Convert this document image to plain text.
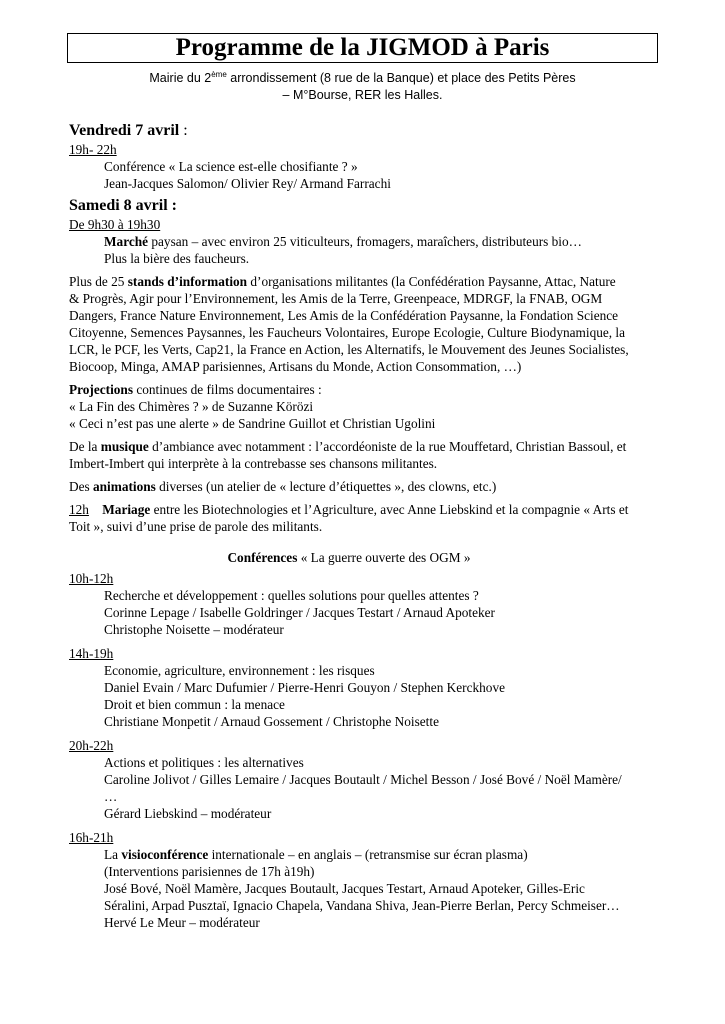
Programme de la JIGMOD à Paris
Mairie du 2ème arrondissement (8 rue de la Banque) et place des Petits Pères
– M°Bourse, RER les Halles.
Vendredi 7 avril :
19h- 22h
Conférence « La science est-elle chosifiante ? »
Jean-Jacques Salomon/ Olivier Rey/ Armand Farrachi
Samedi 8 avril :
De 9h30 à 19h30
Marché paysan – avec environ 25 viticulteurs, fromagers, maraîchers, distributeurs bio…
Plus la bière des faucheurs.
Plus de 25 stands d’information d’organisations militantes (la Confédération Paysanne, Attac, Nature & Progrès, Agir pour l’Environnement, les Amis de la Terre, Greenpeace, MDRGF, la FNAB, OGM Dangers, France Nature Environnement, Les Amis de la Confédération Paysanne, la Fondation Science Citoyenne, Semences Paysannes, les Faucheurs Volontaires, Europe Ecologie, Culture Biodynamique, la LCR, le PCF, les Verts, Cap21, la France en Action, les Alternatifs, le Mouvement des Jeunes Socialistes, Biocoop, Minga, AMAP parisiennes, Artisans du Monde, Action Consommation, …)
Projections continues de films documentaires :
« La Fin des Chimères ? » de Suzanne Körözi
« Ceci n’est pas une alerte » de Sandrine Guillot et Christian Ugolini
De la musique d’ambiance avec notamment : l’accordéoniste de la rue Mouffetard, Christian Bassoul, et Imbert-Imbert qui interprète à la contrebasse ses chansons militantes.
Des animations diverses (un atelier de « lecture d’étiquettes », des clowns, etc.)
12h Mariage entre les Biotechnologies et l’Agriculture, avec Anne Liebskind et la compagnie « Arts et Toit », suivi d’une prise de parole des militants.
Conférences « La guerre ouverte des OGM »
10h-12h
Recherche et développement : quelles solutions pour quelles attentes ?
Corinne Lepage / Isabelle Goldringer / Jacques Testart / Arnaud Apoteker
Christophe Noisette – modérateur
14h-19h
Economie, agriculture, environnement : les risques
Daniel Evain / Marc Dufumier / Pierre-Henri Gouyon / Stephen Kerckhove
Droit et bien commun : la menace
Christiane Monpetit / Arnaud Gossement / Christophe Noisette
20h-22h
Actions et politiques : les alternatives
Caroline Jolivot / Gilles Lemaire / Jacques Boutault / Michel Besson / José Bové / Noël Mamère/ …
Gérard Liebskind – modérateur
16h-21h
La visioconférence internationale – en anglais – (retransmise sur écran plasma)
(Interventions parisiennes de 17h à19h)
José Bové, Noël Mamère, Jacques Boutault, Jacques Testart, Arnaud Apoteker, Gilles-Eric Séralini, Arpad Pusztaï, Ignacio Chapela, Vandana Shiva, Jean-Pierre Berlan, Percy Schmeiser…
Hervé Le Meur – modérateur
